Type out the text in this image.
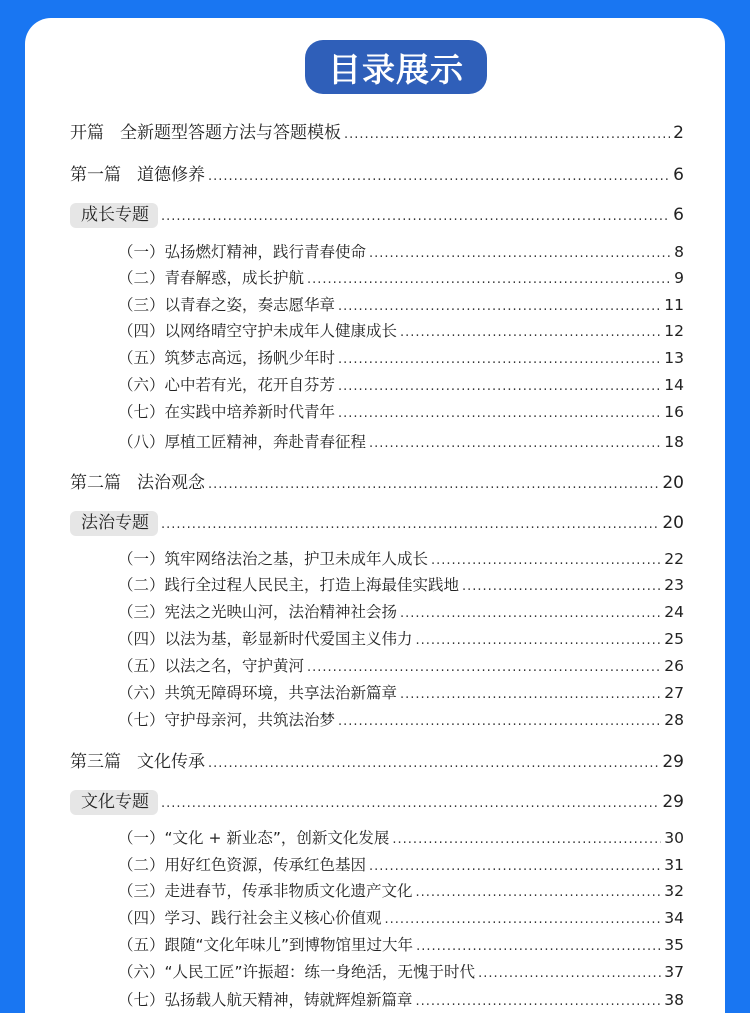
目录展示
开篇 全新题型答题方法与答题模板 .....	2
第一篇 道德修养 .....	6
成长专题 .....	6
（一）弘扬燃灯精神，践行青春使命 .....	8
（二）青春解惑，成长护航 .....	9
（三）以青春之姿，奏志愿华章 .....	11
（四）以网络晴空守护未成年人健康成长 .....	12
（五）筑梦志高远，扬帆少年时 .....	13
（六）心中若有光，花开自芬芳 .....	14
（七）在实践中培养新时代青年 .....	16
（八）厚植工匠精神，奔赴青春征程 .....	18
第二篇 法治观念 .....	20
法治专题 .....	20
（一）筑牢网络法治之基，护卫未成年人成长 .....	22
（二）践行全过程人民民主，打造上海最佳实践地 .....	23
（三）宪法之光映山河，法治精神社会扬 .....	24
（四）以法为基，彰显新时代爱国主义伟力 .....	25
（五）以法之名，守护黄河 .....	26
（六）共筑无障碍环境，共享法治新篇章 .....	27
（七）守护母亲河，共筑法治梦 .....	28
第三篇 文化传承 .....	29
文化专题 .....	29
（一）“文化 + 新业态”，创新文化发展 .....	30
（二）用好红色资源，传承红色基因 .....	31
（三）走进春节，传承非物质文化遗产文化 .....	32
（四）学习、践行社会主义核心价值观 .....	34
（五）跟随“文化年味儿”到博物馆里过大年 .....	35
（六）“人民工匠”许振超：练一身绝活，无愧于时代 .....	37
（七）弘扬载人航天精神，铸就辉煌新篇章 .....	38
